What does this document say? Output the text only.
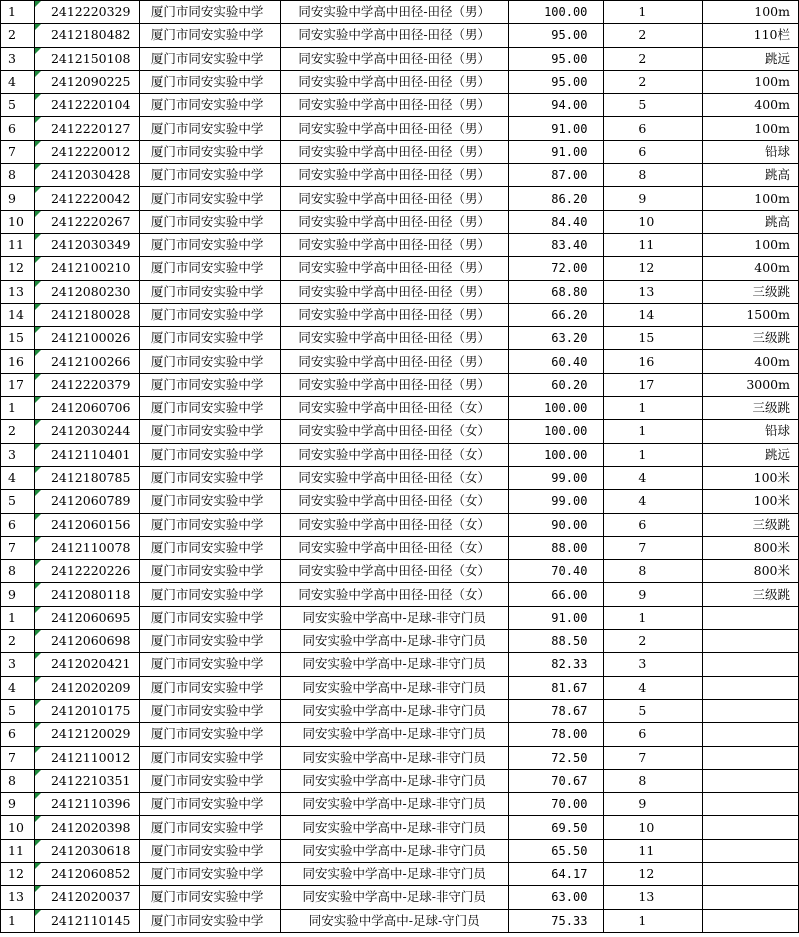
1	2412220329	厦门市同安实验中学	同安实验中学高中田径-田径（男）	100.00	1	100m
2	2412180482	厦门市同安实验中学	同安实验中学高中田径-田径（男）	95.00	2	110栏
3	2412150108	厦门市同安实验中学	同安实验中学高中田径-田径（男）	95.00	2	跳远
4	2412090225	厦门市同安实验中学	同安实验中学高中田径-田径（男）	95.00	2	100m
5	2412220104	厦门市同安实验中学	同安实验中学高中田径-田径（男）	94.00	5	400m
6	2412220127	厦门市同安实验中学	同安实验中学高中田径-田径（男）	91.00	6	100m
7	2412220012	厦门市同安实验中学	同安实验中学高中田径-田径（男）	91.00	6	铅球
8	2412030428	厦门市同安实验中学	同安实验中学高中田径-田径（男）	87.00	8	跳高
9	2412220042	厦门市同安实验中学	同安实验中学高中田径-田径（男）	86.20	9	100m
10	2412220267	厦门市同安实验中学	同安实验中学高中田径-田径（男）	84.40	10	跳高
11	2412030349	厦门市同安实验中学	同安实验中学高中田径-田径（男）	83.40	11	100m
12	2412100210	厦门市同安实验中学	同安实验中学高中田径-田径（男）	72.00	12	400m
13	2412080230	厦门市同安实验中学	同安实验中学高中田径-田径（男）	68.80	13	三级跳
14	2412180028	厦门市同安实验中学	同安实验中学高中田径-田径（男）	66.20	14	1500m
15	2412100026	厦门市同安实验中学	同安实验中学高中田径-田径（男）	63.20	15	三级跳
16	2412100266	厦门市同安实验中学	同安实验中学高中田径-田径（男）	60.40	16	400m
17	2412220379	厦门市同安实验中学	同安实验中学高中田径-田径（男）	60.20	17	3000m
1	2412060706	厦门市同安实验中学	同安实验中学高中田径-田径（女）	100.00	1	三级跳
2	2412030244	厦门市同安实验中学	同安实验中学高中田径-田径（女）	100.00	1	铅球
3	2412110401	厦门市同安实验中学	同安实验中学高中田径-田径（女）	100.00	1	跳远
4	2412180785	厦门市同安实验中学	同安实验中学高中田径-田径（女）	99.00	4	100米
5	2412060789	厦门市同安实验中学	同安实验中学高中田径-田径（女）	99.00	4	100米
6	2412060156	厦门市同安实验中学	同安实验中学高中田径-田径（女）	90.00	6	三级跳
7	2412110078	厦门市同安实验中学	同安实验中学高中田径-田径（女）	88.00	7	800米
8	2412220226	厦门市同安实验中学	同安实验中学高中田径-田径（女）	70.40	8	800米
9	2412080118	厦门市同安实验中学	同安实验中学高中田径-田径（女）	66.00	9	三级跳
1	2412060695	厦门市同安实验中学	同安实验中学高中-足球-非守门员	91.00	1	
2	2412060698	厦门市同安实验中学	同安实验中学高中-足球-非守门员	88.50	2	
3	2412020421	厦门市同安实验中学	同安实验中学高中-足球-非守门员	82.33	3	
4	2412020209	厦门市同安实验中学	同安实验中学高中-足球-非守门员	81.67	4	
5	2412010175	厦门市同安实验中学	同安实验中学高中-足球-非守门员	78.67	5	
6	2412120029	厦门市同安实验中学	同安实验中学高中-足球-非守门员	78.00	6	
7	2412110012	厦门市同安实验中学	同安实验中学高中-足球-非守门员	72.50	7	
8	2412210351	厦门市同安实验中学	同安实验中学高中-足球-非守门员	70.67	8	
9	2412110396	厦门市同安实验中学	同安实验中学高中-足球-非守门员	70.00	9	
10	2412020398	厦门市同安实验中学	同安实验中学高中-足球-非守门员	69.50	10	
11	2412030618	厦门市同安实验中学	同安实验中学高中-足球-非守门员	65.50	11	
12	2412060852	厦门市同安实验中学	同安实验中学高中-足球-非守门员	64.17	12	
13	2412020037	厦门市同安实验中学	同安实验中学高中-足球-非守门员	63.00	13	
1	2412110145	厦门市同安实验中学	同安实验中学高中-足球-守门员	75.33	1	
